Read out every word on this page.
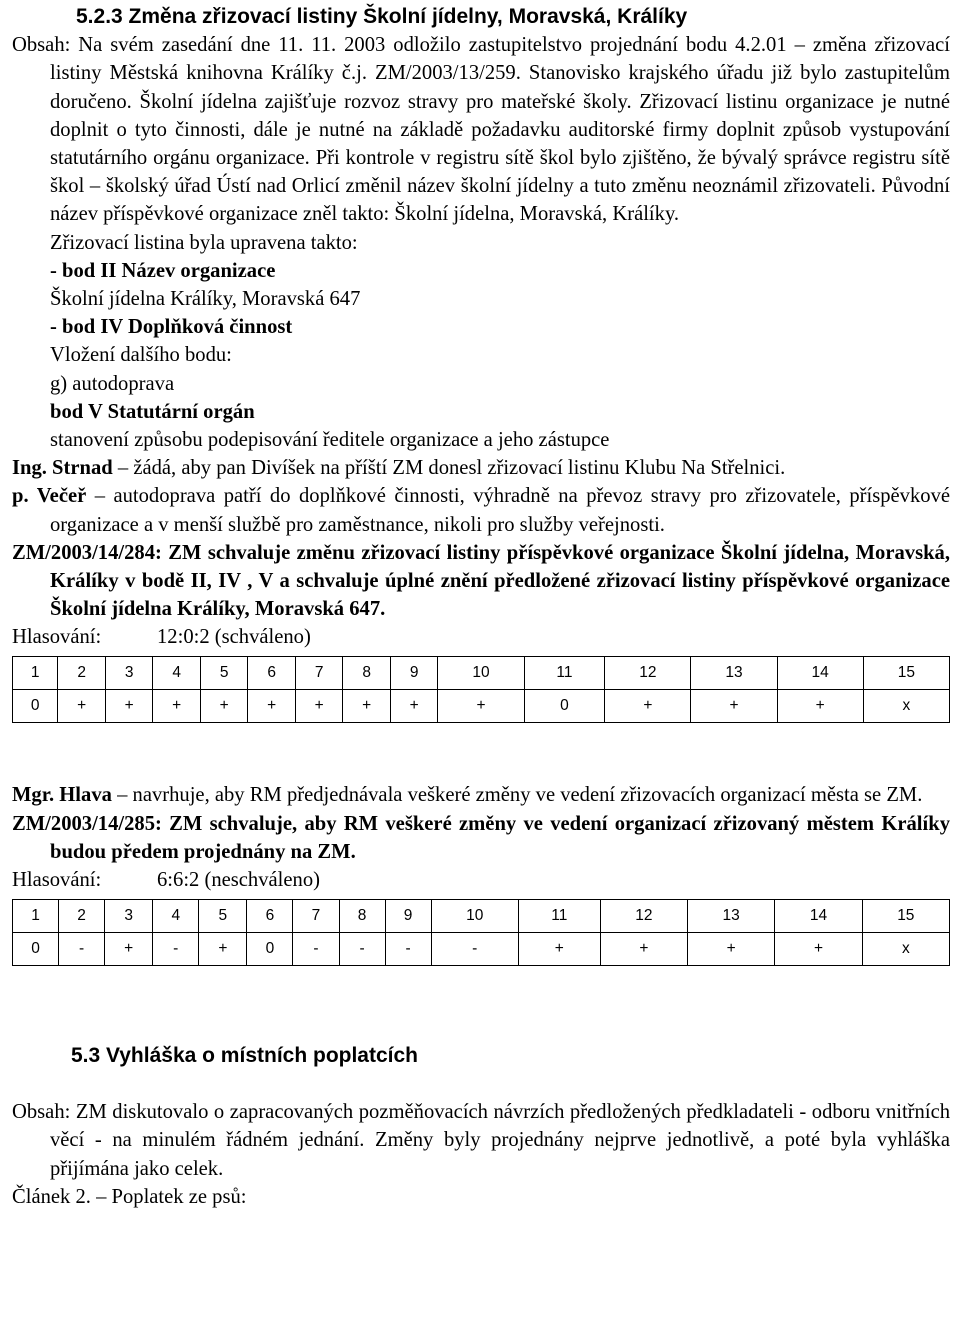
5.2.3 Změna zřizovací listiny Školní jídelny, Moravská, Králíky
Obsah: Na svém zasedání dne 11. 11. 2003 odložilo zastupitelstvo projednání bodu 4.2.01 – změna zřizovací listiny Městská knihovna Králíky č.j. ZM/2003/13/259. Stanovisko krajského úřadu již bylo zastupitelům doručeno. Školní jídelna zajišťuje rozvoz stravy pro mateřské školy. Zřizovací listinu organizace je nutné doplnit o tyto činnosti, dále je nutné na základě požadavku auditorské firmy doplnit způsob vystupování statutárního orgánu organizace. Při kontrole v registru sítě škol bylo zjištěno, že bývalý správce registru sítě škol – školský úřad Ústí nad Orlicí změnil název školní jídelny a tuto změnu neoznámil zřizovateli. Původní název příspěvkové organizace zněl takto: Školní jídelna, Moravská, Králíky.
Zřizovací listina byla upravena takto:
- bod II Název organizace
Školní jídelna Králíky, Moravská 647
- bod IV Doplňková činnost
Vložení dalšího bodu:
g) autodoprava
bod V Statutární orgán
stanovení způsobu podepisování ředitele organizace a jeho zástupce
Ing. Strnad – žádá, aby pan Divíšek na příští ZM donesl zřizovací listinu Klubu Na Střelnici.
p. Večeř – autodoprava patří do doplňkové činnosti, výhradně na převoz stravy pro zřizovatele, příspěvkové organizace a v menší službě pro zaměstnance, nikoli pro služby veřejnosti.
ZM/2003/14/284: ZM schvaluje změnu zřizovací listiny příspěvkové organizace Školní jídelna, Moravská, Králíky v bodě II, IV , V a schvaluje úplné znění předložené zřizovací listiny příspěvkové organizace Školní jídelna Králíky, Moravská 647.
Hlasování:	12:0:2 (schváleno)
1	2	3	4	5	6	7	8	9	10	11	12	13	14	15
0	+	+	+	+	+	+	+	+	+	0	+	+	+	x
Mgr. Hlava – navrhuje, aby RM předjednávala veškeré změny ve vedení zřizovacích organizací města se ZM.
ZM/2003/14/285: ZM schvaluje, aby RM veškeré změny ve vedení organizací zřizovaný městem Králíky budou předem projednány na ZM.
Hlasování:	6:6:2 (neschváleno)
1	2	3	4	5	6	7	8	9	10	11	12	13	14	15
0	-	+	-	+	0	-	-	-	-	+	+	+	+	x
5.3 Vyhláška o místních poplatcích
Obsah: ZM diskutovalo o zapracovaných pozměňovacích návrzích předložených předkladateli - odboru vnitřních věcí - na minulém řádném jednání. Změny byly projednány nejprve jednotlivě, a poté byla vyhláška přijímána jako celek.
Článek 2. – Poplatek ze psů:
